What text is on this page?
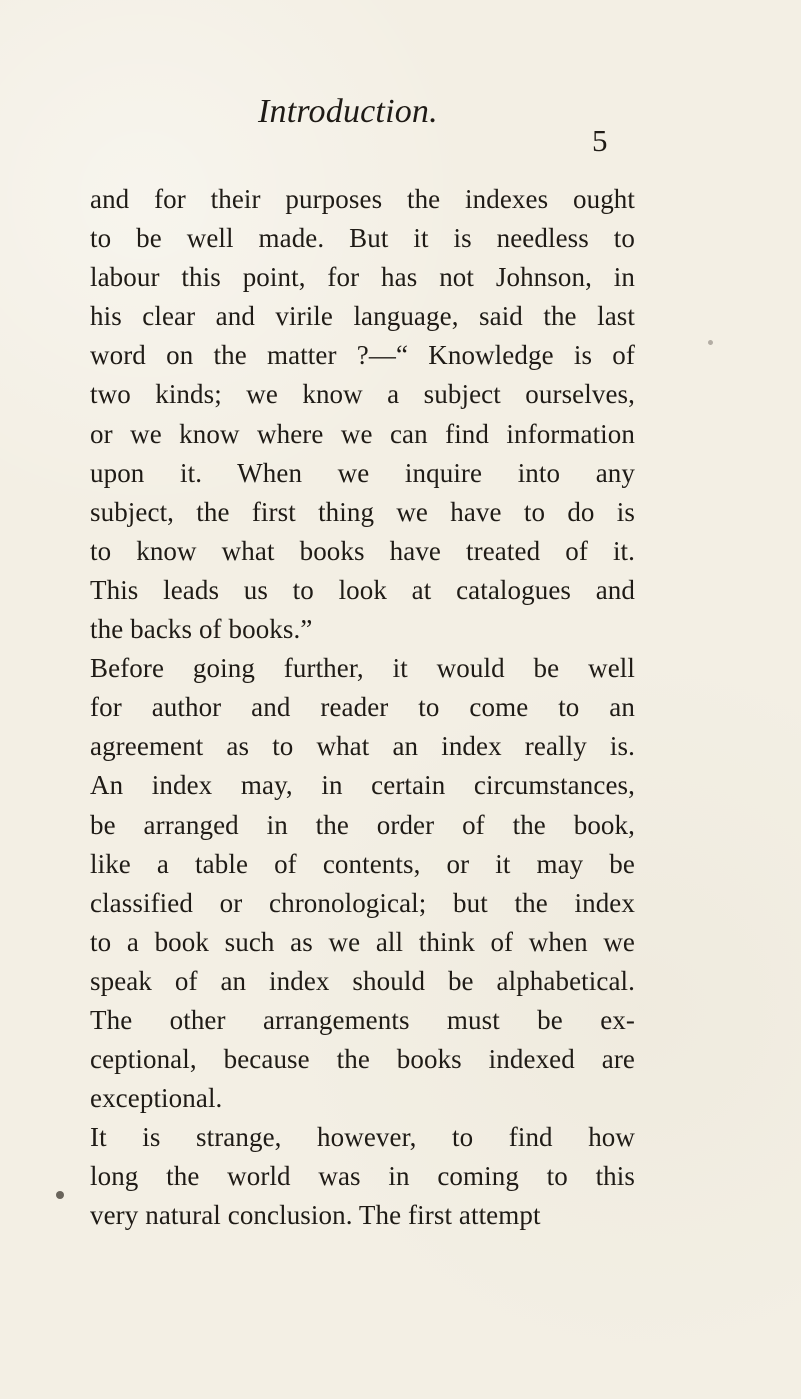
Introduction.
5
and for their purposes the indexes ought
to be well made. But it is needless to
labour this point, for has not Johnson, in
his clear and virile language, said the last
word on the matter ?—“ Knowledge is of
two kinds; we know a subject ourselves,
or we know where we can find information
upon it. When we inquire into any
subject, the first thing we have to do is
to know what books have treated of it.
This leads us to look at catalogues and
the backs of books.”
Before going further, it would be well
for author and reader to come to an
agreement as to what an index really is.
An index may, in certain circumstances,
be arranged in the order of the book,
like a table of contents, or it may be
classified or chronological; but the index
to a book such as we all think of when we
speak of an index should be alphabetical.
The other arrangements must be ex-
ceptional, because the books indexed are
exceptional.
It is strange, however, to find how
long the world was in coming to this
very natural conclusion. The first attempt
